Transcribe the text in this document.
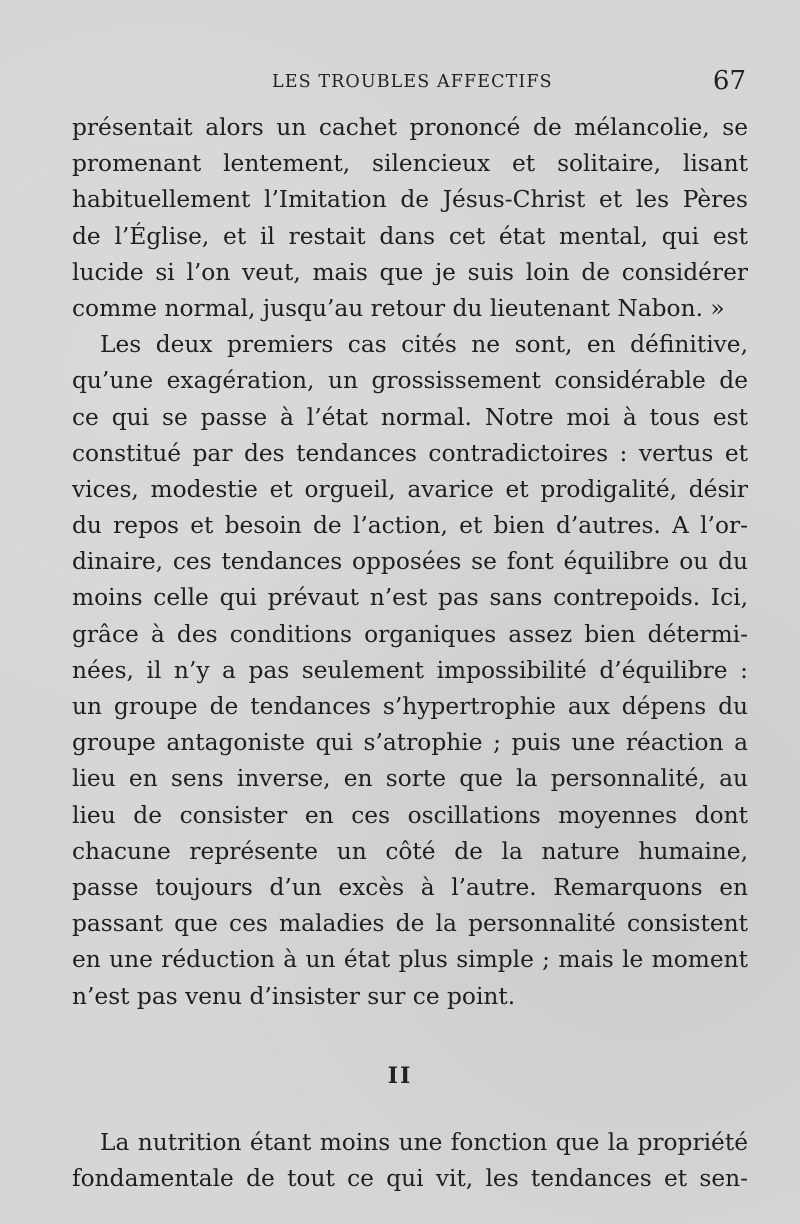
LES TROUBLES AFFECTIFS	67
présentait alors un cachet prononcé de mélancolie, se
promenant lentement, silencieux et solitaire, lisant
habituellement l’Imitation de Jésus-Christ et les Pères
de l’Église, et il restait dans cet état mental, qui est
lucide si l’on veut, mais que je suis loin de considérer
comme normal, jusqu’au retour du lieutenant Nabon. »
Les deux premiers cas cités ne sont, en définitive,
qu’une exagération, un grossissement considérable de
ce qui se passe à l’état normal. Notre moi à tous est
constitué par des tendances contradictoires : vertus et
vices, modestie et orgueil, avarice et prodigalité, désir
du repos et besoin de l’action, et bien d’autres. A l’or-
dinaire, ces tendances opposées se font équilibre ou du
moins celle qui prévaut n’est pas sans contrepoids. Ici,
grâce à des conditions organiques assez bien détermi-
nées, il n’y a pas seulement impossibilité d’équilibre :
un groupe de tendances s’hypertrophie aux dépens du
groupe antagoniste qui s’atrophie ; puis une réaction a
lieu en sens inverse, en sorte que la personnalité, au
lieu de consister en ces oscillations moyennes dont
chacune représente un côté de la nature humaine,
passe toujours d’un excès à l’autre. Remarquons en
passant que ces maladies de la personnalité consistent
en une réduction à un état plus simple ; mais le moment
n’est pas venu d’insister sur ce point.
II
La nutrition étant moins une fonction que la propriété
fondamentale de tout ce qui vit, les tendances et sen-
